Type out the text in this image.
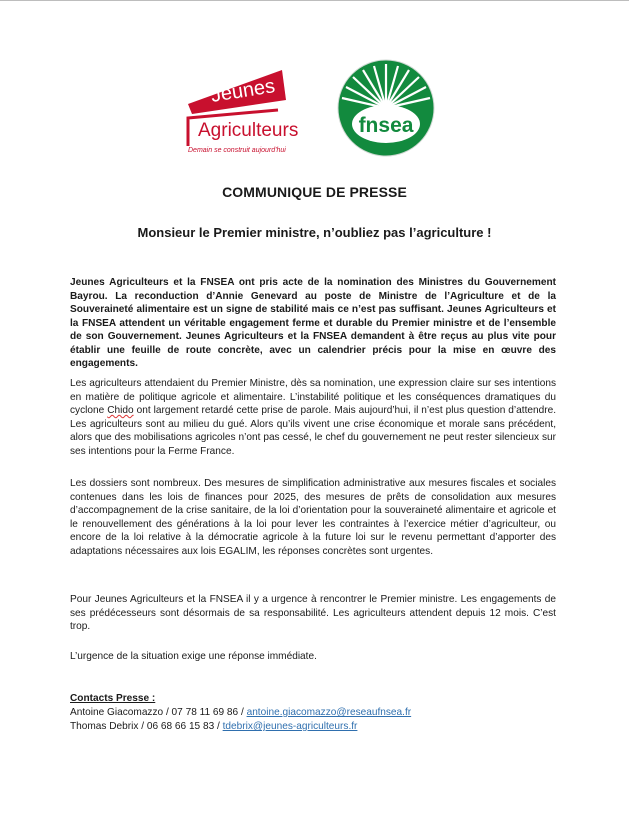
Jeunes
Agriculteurs
Demain se construit aujourd'hui
fnsea
COMMUNIQUE DE PRESSE
Monsieur le Premier ministre, n’oubliez pas l’agriculture !

Jeunes Agriculteurs et la FNSEA ont pris acte de la nomination des Ministres du Gouvernement Bayrou. La reconduction d’Annie Genevard au poste de Ministre de l’Agriculture et de la Souveraineté alimentaire est un signe de stabilité mais ce n’est pas suffisant. Jeunes Agriculteurs et la FNSEA attendent un véritable engagement ferme et durable du Premier ministre et de l’ensemble de son Gouvernement. Jeunes Agriculteurs et la FNSEA demandent à être reçus au plus vite pour établir une feuille de route concrète, avec un calendrier précis pour la mise en œuvre des engagements.

Les agriculteurs attendaient du Premier Ministre, dès sa nomination, une expression claire sur ses intentions en matière de politique agricole et alimentaire. L’instabilité politique et les conséquences dramatiques du cyclone Chido ont largement retardé cette prise de parole. Mais aujourd’hui, il n’est plus question d’attendre. Les agriculteurs sont au milieu du gué. Alors qu’ils vivent une crise économique et morale sans précédent, alors que des mobilisations agricoles n’ont pas cessé, le chef du gouvernement ne peut rester silencieux sur ses intentions pour la Ferme France.

Les dossiers sont nombreux. Des mesures de simplification administrative aux mesures fiscales et sociales contenues dans les lois de finances pour 2025, des mesures de prêts de consolidation aux mesures d’accompagnement de la crise sanitaire, de la loi d’orientation pour la souveraineté alimentaire et agricole et le renouvellement des générations à la loi pour lever les contraintes à l’exercice métier d’agriculteur, ou encore de la loi relative à la démocratie agricole à la future loi sur le revenu permettant d’apporter des adaptations nécessaires aux lois EGALIM, les réponses concrètes sont urgentes.

Pour Jeunes Agriculteurs et la FNSEA il y a urgence à rencontrer le Premier ministre. Les engagements de ses prédécesseurs sont désormais de sa responsabilité. Les agriculteurs attendent depuis 12 mois. C’est trop.

L’urgence de la situation exige une réponse immédiate.

Contacts Presse :
Antoine Giacomazzo / 07 78 11 69 86 / antoine.giacomazzo@reseaufnsea.fr
Thomas Debrix / 06 68 66 15 83 / tdebrix@jeunes-agriculteurs.fr
